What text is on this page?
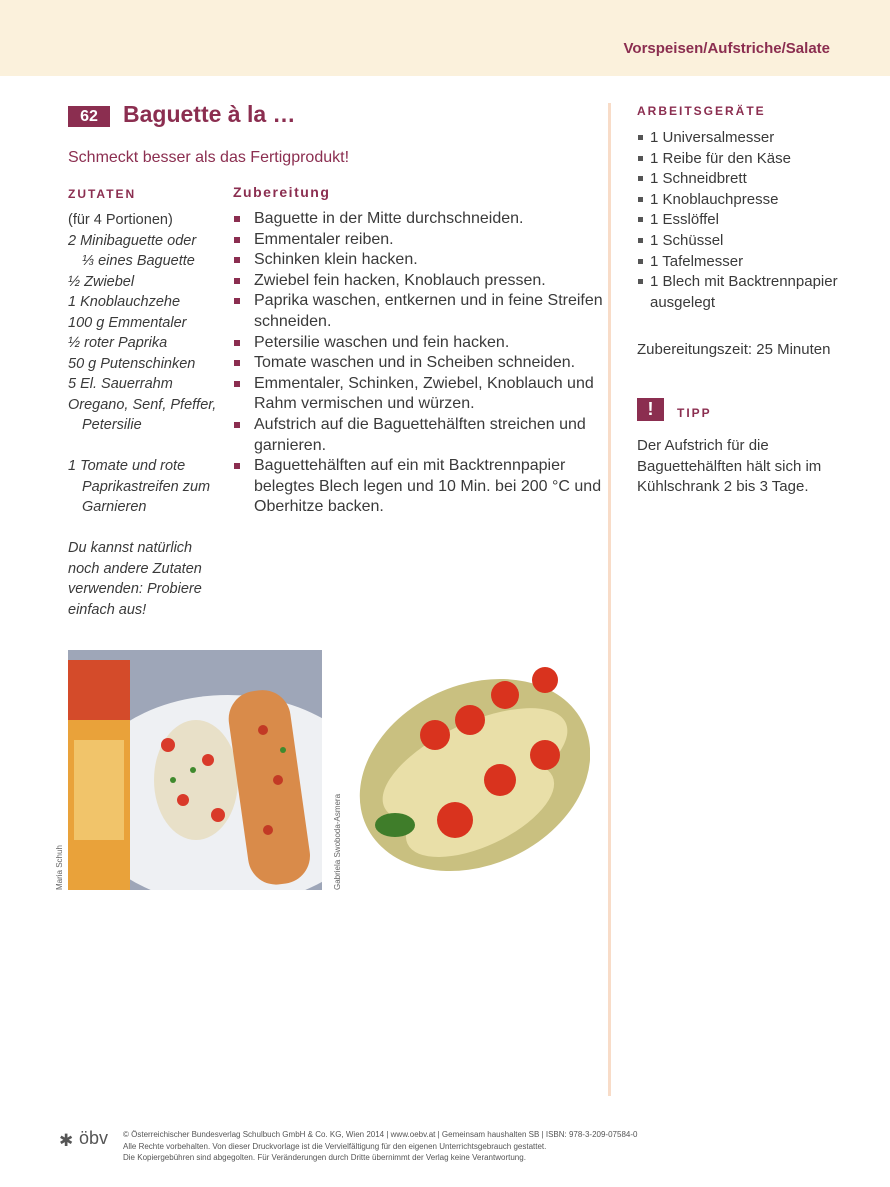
Vorspeisen/Aufstriche/Salate
62	Baguette à la …
Schmeckt besser als das Fertigprodukt!
ZUTATEN	Zubereitung
(für 4 Portionen)
2 Minibaguette oder
⅓ eines Baguette
½ Zwiebel
1 Knoblauchzehe
100 g Emmentaler
½ roter Paprika
50 g Putenschinken
5 El. Sauerrahm
Oregano, Senf, Pfeffer,
Petersilie
1 Tomate und rote
Paprikastreifen zum
Garnieren
Du kannst natürlich
noch andere Zutaten
verwenden: Probiere
einfach aus!
Baguette in der Mitte durchschneiden.
Emmentaler reiben.
Schinken klein hacken.
Zwiebel fein hacken, Knoblauch pressen.
Paprika waschen, entkernen und in feine Streifen schneiden.
Petersilie waschen und fein hacken.
Tomate waschen und in Scheiben schneiden.
Emmentaler, Schinken, Zwiebel, Knoblauch und Rahm vermischen und würzen.
Aufstrich auf die Baguettehälften streichen und garnieren.
Baguettehälften auf ein mit Backtrennpapier belegtes Blech legen und 10 Min. bei 200 °C und Oberhitze backen.
ARBEITSGERÄTE
1 Universalmesser
1 Reibe für den Käse
1 Schneidbrett
1 Knoblauchpresse
1 Esslöffel
1 Schüssel
1 Tafelmesser
1 Blech mit Backtrennpapier ausgelegt
Zubereitungszeit: 25 Minuten
!	TIPP
Der Aufstrich für die Baguettehälften hält sich im Kühlschrank 2 bis 3 Tage.
Maria Schuh	Gabriela Swoboda-Asmera
✱ öbv © Österreichischer Bundesverlag Schulbuch GmbH & Co. KG, Wien 2014 | www.oebv.at | Gemeinsam haushalten SB | ISBN: 978-3-209-07584-0
Alle Rechte vorbehalten. Von dieser Druckvorlage ist die Vervielfältigung für den eigenen Unterrichtsgebrauch gestattet.
Die Kopiergebühren sind abgegolten. Für Veränderungen durch Dritte übernimmt der Verlag keine Verantwortung.
